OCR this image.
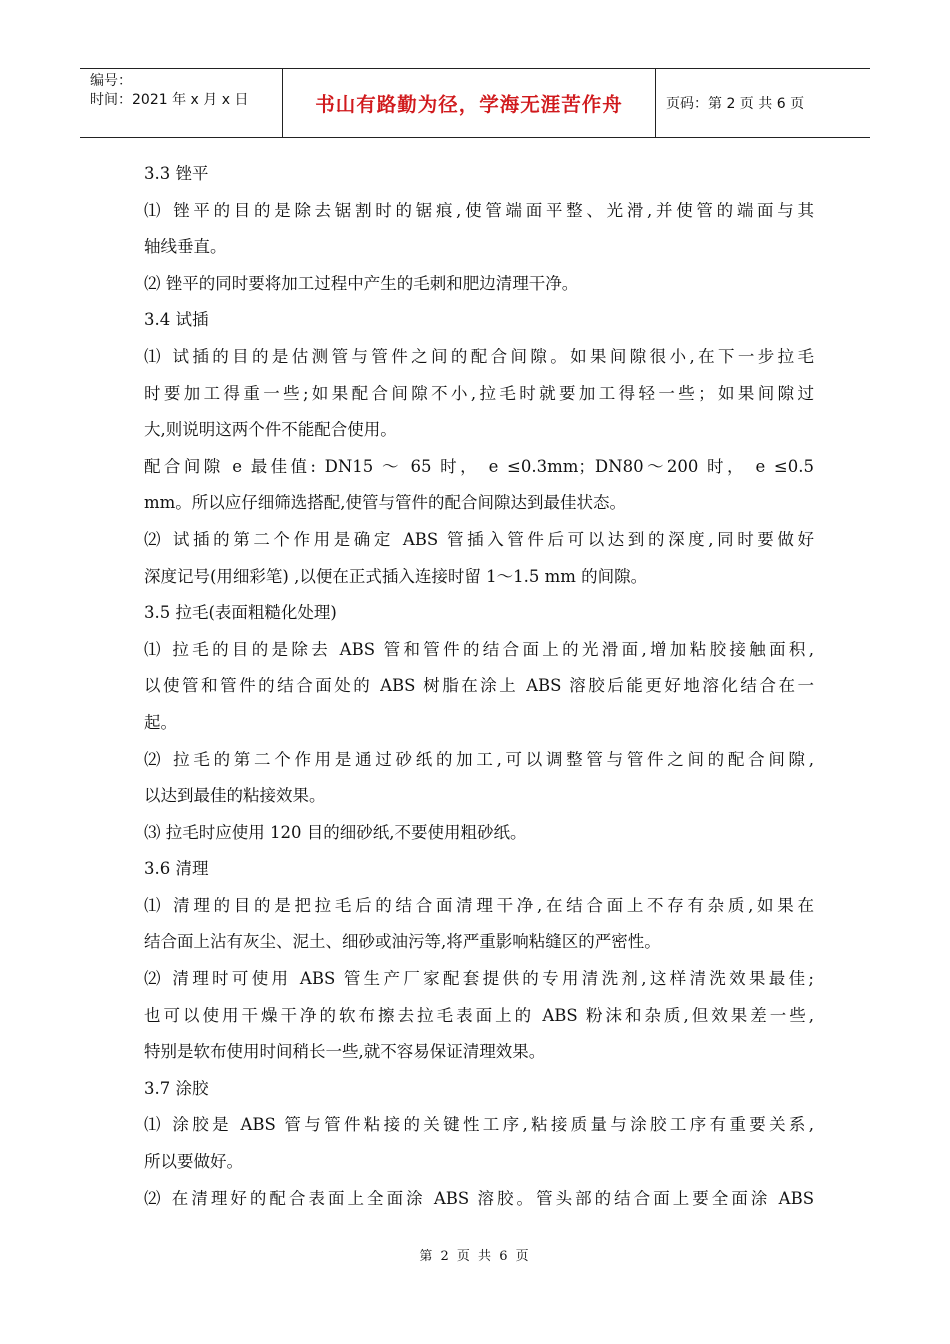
编号：
时间：2021 年 x 月 x 日	书山有路勤为径，学海无涯苦作舟	页码：第 2 页 共 6 页
3.3 锉平
⑴ 锉平的目的是除去锯割时的锯痕,使管端面平整、光滑,并使管的端面与其
轴线垂直。
⑵ 锉平的同时要将加工过程中产生的毛刺和肥边清理干净。
3.4 试插
⑴ 试插的目的是估测管与管件之间的配合间隙。如果间隙很小,在下一步拉毛
时要加工得重一些;如果配合间隙不小,拉毛时就要加工得轻一些；如果间隙过
大,则说明这两个件不能配合使用。
配合间隙 e 最佳值: DN15 ～ 65 时， e ≤0.3mm；DN80～200 时， e ≤0.5
mm。所以应仔细筛选搭配,使管与管件的配合间隙达到最佳状态。
⑵ 试插的第二个作用是确定 ABS 管插入管件后可以达到的深度,同时要做好
深度记号(用细彩笔) ,以便在正式插入连接时留 1～1.5 mm 的间隙。
3.5 拉毛(表面粗糙化处理)
⑴ 拉毛的目的是除去 ABS 管和管件的结合面上的光滑面,增加粘胶接触面积,
以使管和管件的结合面处的 ABS 树脂在涂上 ABS 溶胶后能更好地溶化结合在一
起。
⑵ 拉毛的第二个作用是通过砂纸的加工,可以调整管与管件之间的配合间隙,
以达到最佳的粘接效果。
⑶ 拉毛时应使用 120 目的细砂纸,不要使用粗砂纸。
3.6 清理
⑴ 清理的目的是把拉毛后的结合面清理干净,在结合面上不存有杂质,如果在
结合面上沾有灰尘、泥土、细砂或油污等,将严重影响粘缝区的严密性。
⑵ 清理时可使用 ABS 管生产厂家配套提供的专用清洗剂,这样清洗效果最佳;
也可以使用干燥干净的软布擦去拉毛表面上的 ABS 粉沫和杂质,但效果差一些,
特别是软布使用时间稍长一些,就不容易保证清理效果。
3.7 涂胶
⑴ 涂胶是 ABS 管与管件粘接的关键性工序,粘接质量与涂胶工序有重要关系,
所以要做好。
⑵ 在清理好的配合表面上全面涂 ABS 溶胶。管头部的结合面上要全面涂 ABS
第 2 页 共 6 页
